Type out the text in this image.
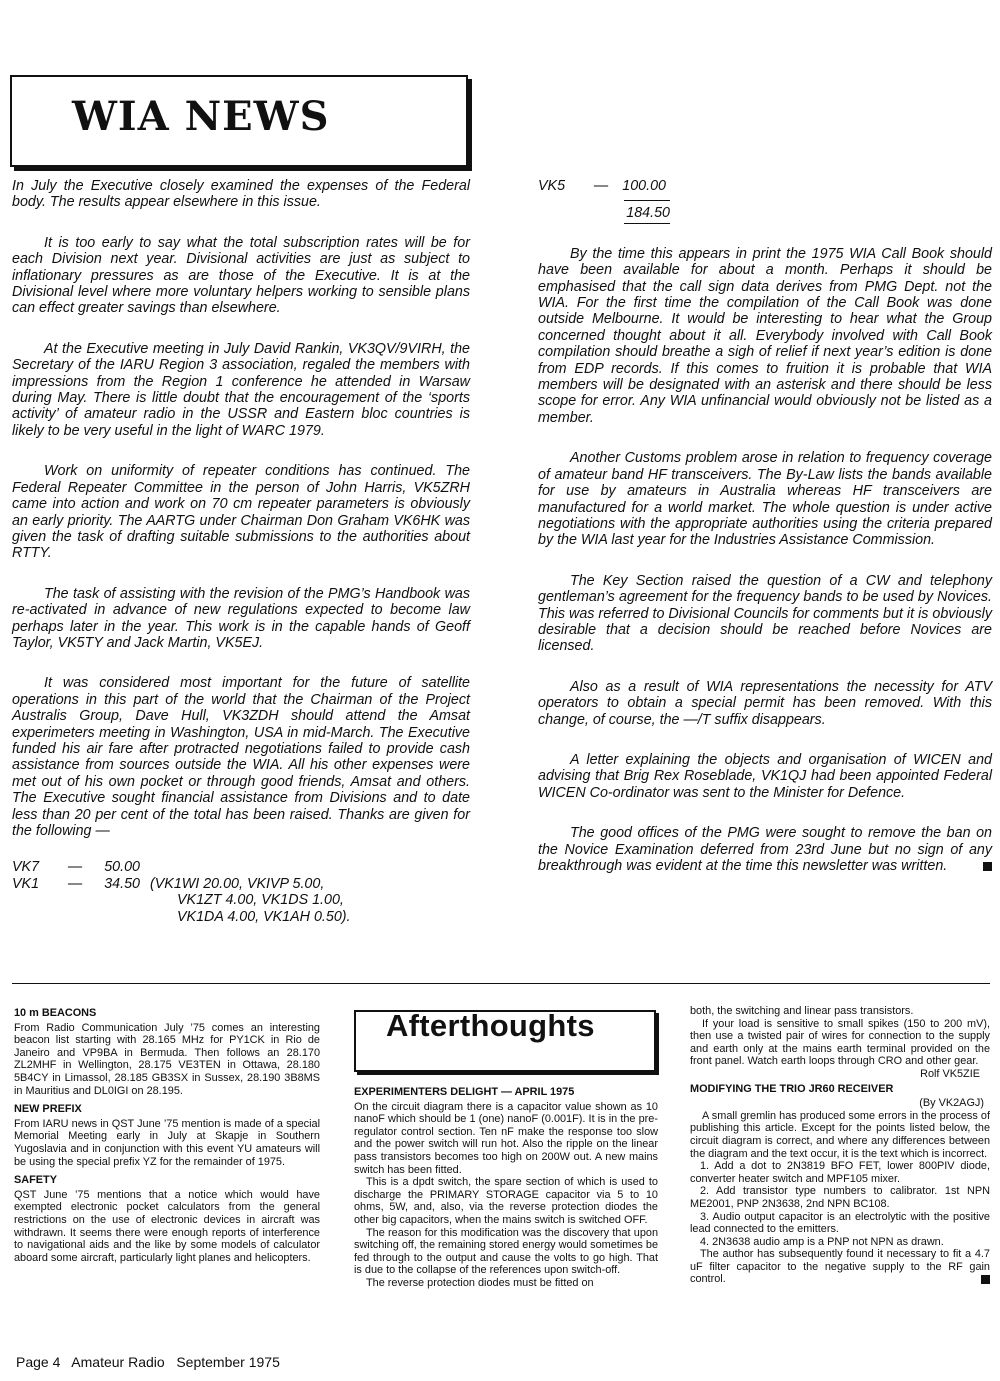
WIA NEWS

In July the Executive closely examined the expenses of the Federal body. The results appear elsewhere in this issue.

It is too early to say what the total subscription rates will be for each Division next year. Divisional activities are just as subject to inflationary pressures as are those of the Executive. It is at the Divisional level where more voluntary helpers working to sensible plans can effect greater savings than elsewhere.

At the Executive meeting in July David Rankin, VK3QV/9VIRH, the Secretary of the IARU Region 3 association, regaled the members with impressions from the Region 1 conference he attended in Warsaw during May. There is little doubt that the encouragement of the ‘sports activity’ of amateur radio in the USSR and Eastern bloc countries is likely to be very useful in the light of WARC 1979.

Work on uniformity of repeater conditions has continued. The Federal Repeater Committee in the person of John Harris, VK5ZRH came into action and work on 70 cm repeater parameters is obviously an early priority. The AARTG under Chairman Don Graham VK6HK was given the task of drafting suitable submissions to the authorities about RTTY.

The task of assisting with the revision of the PMG’s Handbook was re-activated in advance of new regulations expected to become law perhaps later in the year. This work is in the capable hands of Geoff Taylor, VK5TY and Jack Martin, VK5EJ.

It was considered most important for the future of satellite operations in this part of the world that the Chairman of the Project Australis Group, Dave Hull, VK3ZDH should attend the Amsat experimeters meeting in Washington, USA in mid-March. The Executive funded his air fare after protracted negotiations failed to provide cash assistance from sources outside the WIA. All his other expenses were met out of his own pocket or through good friends, Amsat and others. The Executive sought financial assistance from Divisions and to date less than 20 per cent of the total has been raised. Thanks are given for the following —

VK7	—	50.00
VK1	—	34.50 (VK1WI 20.00, VKIVP 5.00,
VK1ZT 4.00, VK1DS 1.00,
VK1DA 4.00, VK1AH 0.50).
VK5	— 100.00
184.50

By the time this appears in print the 1975 WIA Call Book should have been available for about a month. Perhaps it should be emphasised that the call sign data derives from PMG Dept. not the WIA. For the first time the compilation of the Call Book was done outside Melbourne. It would be interesting to hear what the Group concerned thought about it all. Everybody involved with Call Book compilation should breathe a sigh of relief if next year’s edition is done from EDP records. If this comes to fruition it is probable that WIA members will be designated with an asterisk and there should be less scope for error. Any WIA unfinancial would obviously not be listed as a member.

Another Customs problem arose in relation to frequency coverage of amateur band HF transceivers. The By-Law lists the bands available for use by amateurs in Australia whereas HF transceivers are manufactured for a world market. The whole question is under active negotiations with the appropriate authorities using the criteria prepared by the WIA last year for the Industries Assistance Commission.

The Key Section raised the question of a CW and telephony gentleman’s agreement for the frequency bands to be used by Novices. This was referred to Divisional Councils for comments but it is obviously desirable that a decision should be reached before Novices are licensed.

Also as a result of WIA representations the necessity for ATV operators to obtain a special permit has been removed. With this change, of course, the —/T suffix disappears.

A letter explaining the objects and organisation of WICEN and advising that Brig Rex Roseblade, VK1QJ had been appointed Federal WICEN Co-ordinator was sent to the Minister for Defence.

The good offices of the PMG were sought to remove the ban on the Novice Examination deferred from 23rd June but no sign of any breakthrough was evident at the time this newsletter was written.

10 m BEACONS

From Radio Communication July ’75 comes an interesting beacon list starting with 28.165 MHz for PY1CK in Rio de Janeiro and VP9BA in Bermuda. Then follows an 28.170 ZL2MHF in Wellington, 28.175 VE3TEN in Ottawa, 28.180 5B4CY in Limassol, 28.185 GB3SX in Sussex, 28.190 3B8MS in Mauritius and DL0IGI on 28.195.

NEW PREFIX

From IARU news in QST June ’75 mention is made of a special Memorial Meeting early in July at Skapje in Southern Yugoslavia and in conjunction with this event YU amateurs will be using the special prefix YZ for the remainder of 1975.

SAFETY

QST June ’75 mentions that a notice which would have exempted electronic pocket calculators from the general restrictions on the use of electronic devices in aircraft was withdrawn. It seems there were enough reports of interference to navigational aids and the like by some models of calculator aboard some aircraft, particularly light planes and helicopters.

Afterthoughts
EXPERIMENTERS DELIGHT — APRIL 1975

On the circuit diagram there is a capacitor value shown as 10 nanoF which should be 1 (one) nanoF (0.001F). It is in the pre-regulator control section. Ten nF make the response too slow and the power switch will run hot. Also the ripple on the linear pass transistors becomes too high on 200W out. A new mains switch has been fitted.

This is a dpdt switch, the spare section of which is used to discharge the PRIMARY STORAGE capacitor via 5 to 10 ohms, 5W, and, also, via the reverse protection diodes the other big capacitors, when the mains switch is switched OFF.

The reason for this modification was the discovery that upon switching off, the remaining stored energy would sometimes be fed through to the output and cause the volts to go high. That is due to the collapse of the references upon switch-off.

The reverse protection diodes must be fitted on

both, the switching and linear pass transistors.

If your load is sensitive to small spikes (150 to 200 mV), then use a twisted pair of wires for connection to the supply and earth only at the mains earth terminal provided on the front panel. Watch earth loops through CRO and other gear.

Rolf VK5ZIE
MODIFYING THE TRIO JR60 RECEIVER
(By VK2AGJ)

A small gremlin has produced some errors in the process of publishing this article. Except for the points listed below, the circuit diagram is correct, and where any differences between the diagram and the text occur, it is the text which is incorrect.

1. Add a dot to 2N3819 BFO FET, lower 800PIV diode, converter heater switch and MPF105 mixer.

2. Add transistor type numbers to calibrator. 1st NPN ME2001, PNP 2N3638, 2nd NPN BC108.

3. Audio output capacitor is an electrolytic with the positive lead connected to the emitters.

4. 2N3638 audio amp is a PNP not NPN as drawn.

The author has subsequently found it necessary to fit a 4.7 uF filter capacitor to the negative supply to the RF gain control.

Page 4 Amateur Radio September 1975
